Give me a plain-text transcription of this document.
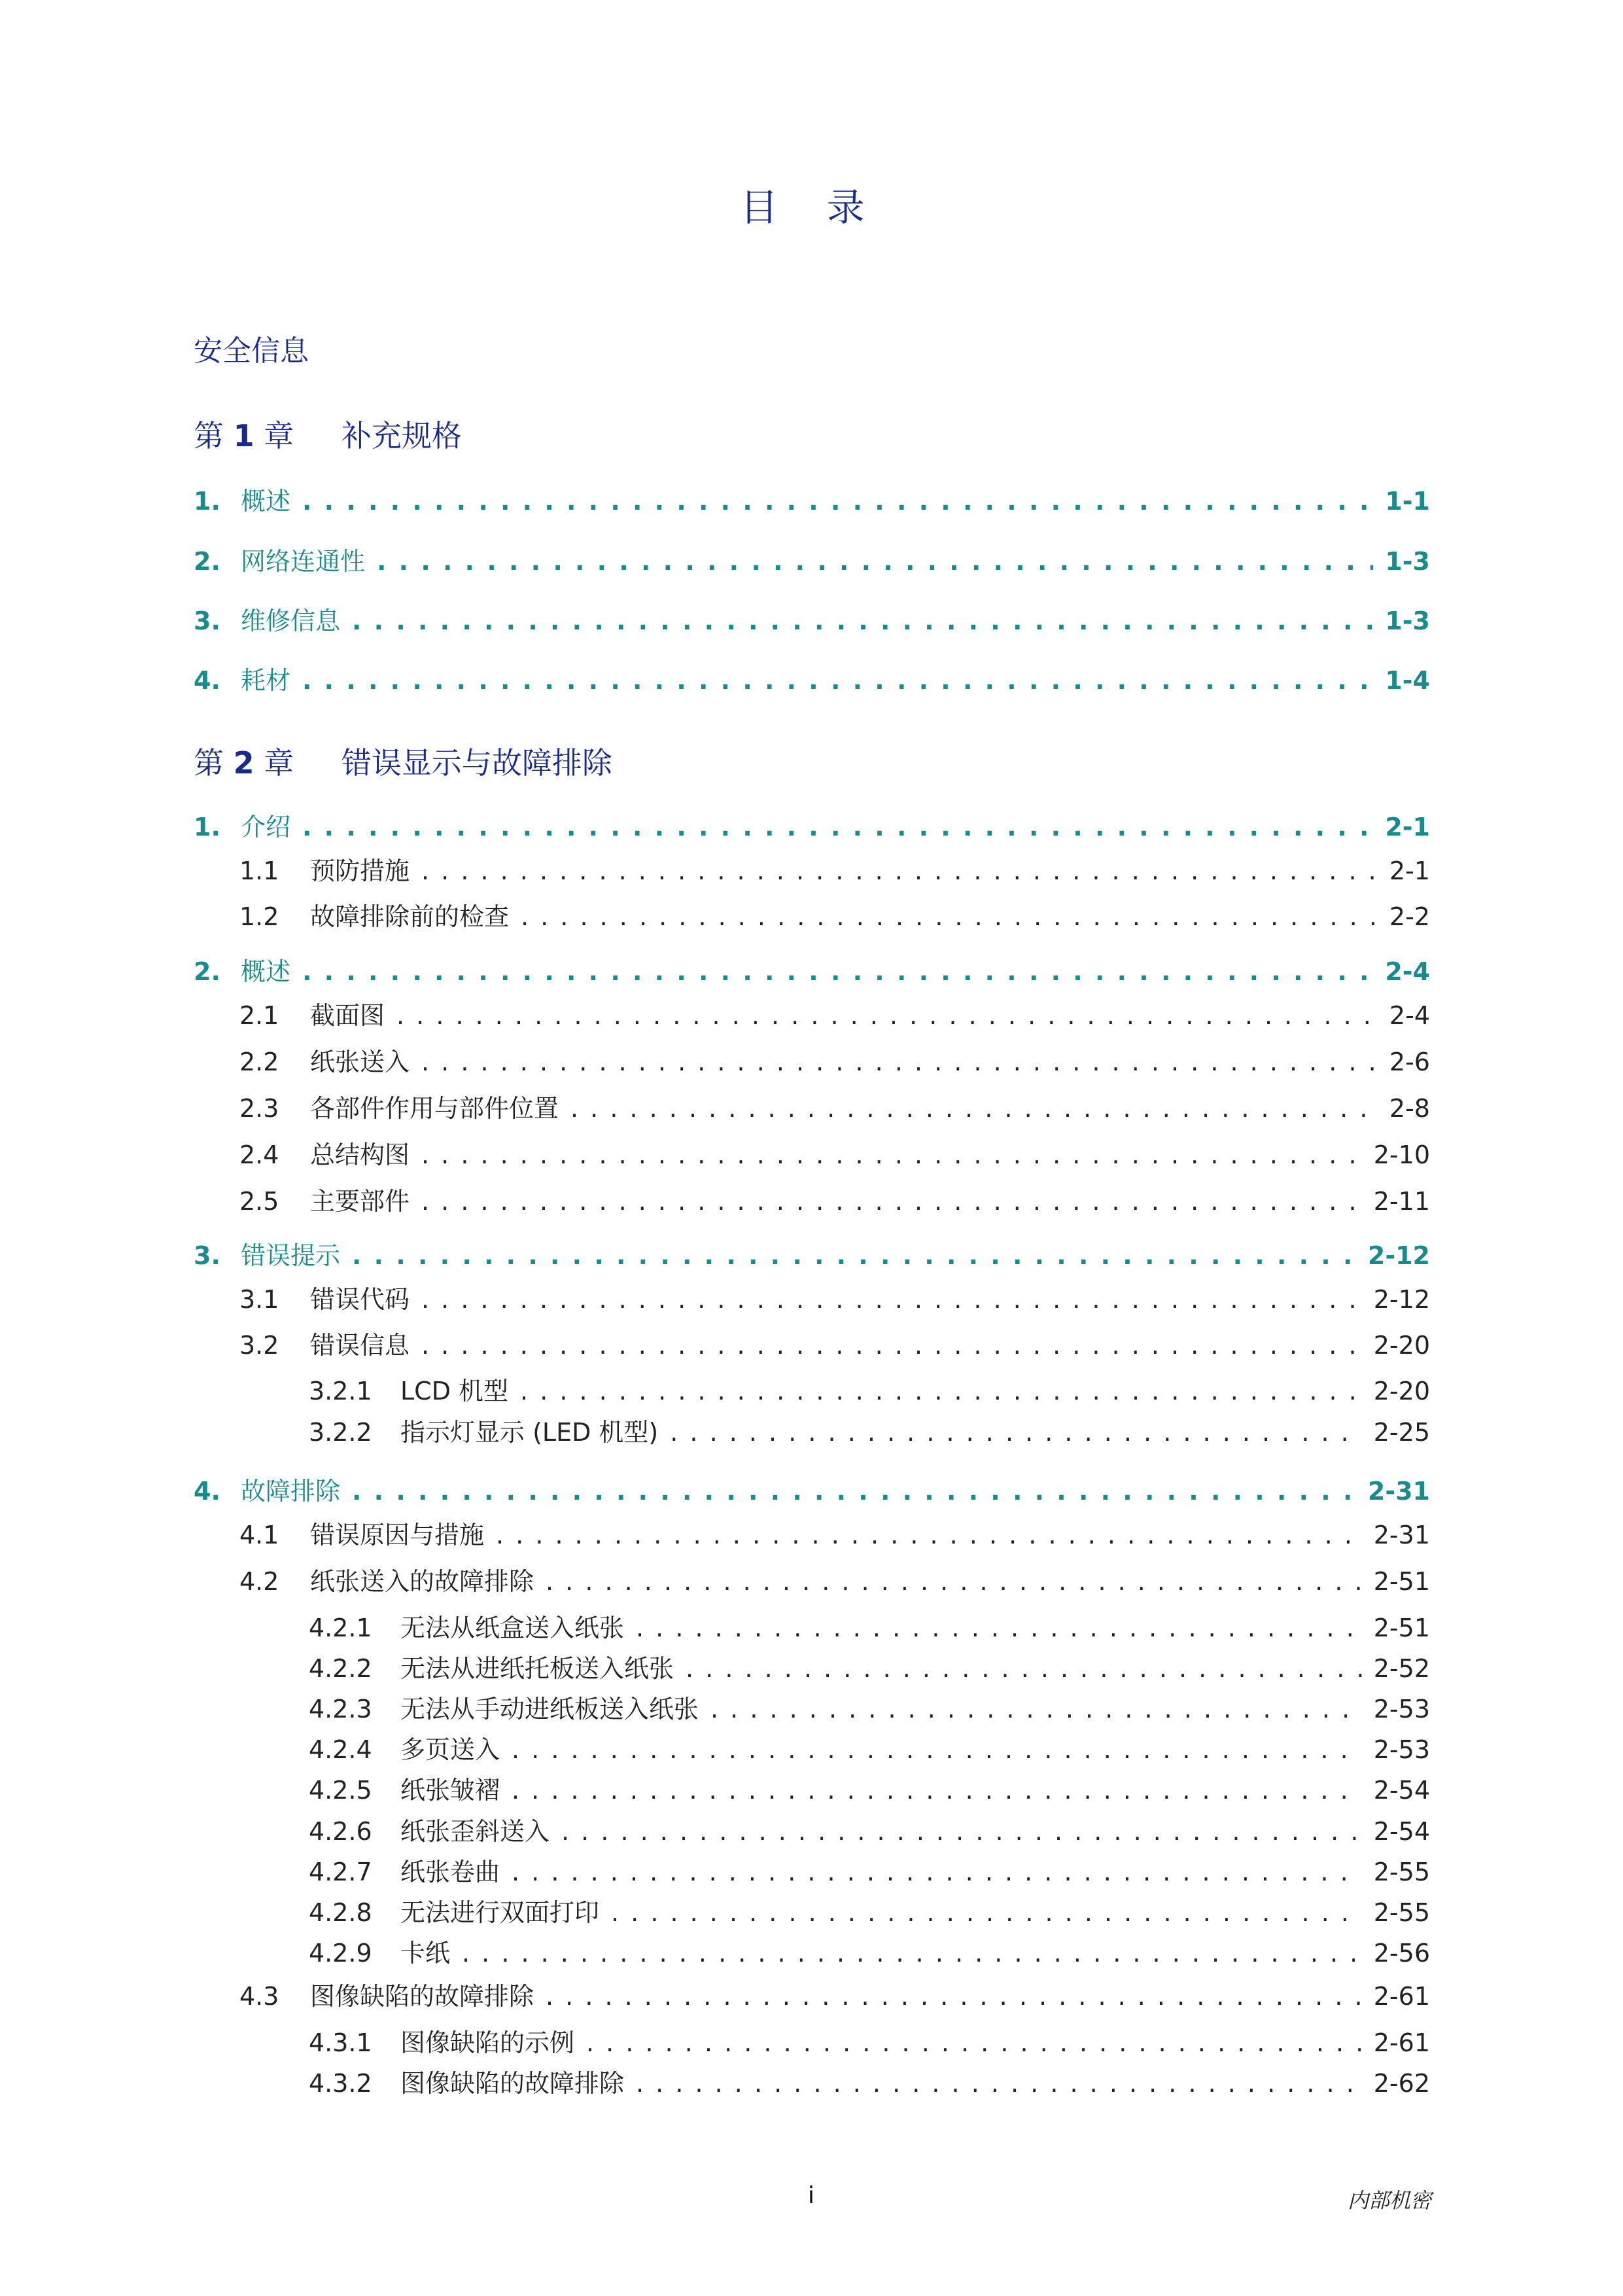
目 录
安全信息
第 1 章 补充规格
1. 概述 . . .	1-1
2. 网络连通性 . . .	1-3
3. 维修信息 . . .	1-3
4. 耗材 . . .	1-4
第 2 章 错误显示与故障排除
1. 介绍 . . .	2-1
1.1	预防措施 . . .	2-1
1.2	故障排除前的检查 . . .	2-2
2. 概述 . . .	2-4
2.1	截面图 . . .	2-4
2.2	纸张送入 . . .	2-6
2.3	各部件作用与部件位置 . . .	2-8
2.4	总结构图 . . .	2-10
2.5	主要部件 . . .	2-11
3. 错误提示 . . .	2-12
3.1	错误代码 . . .	2-12
3.2	错误信息 . . .	2-20
3.2.1	LCD 机型 . . .	2-20
3.2.2	指示灯显示 (LED 机型) . . .	2-25
4. 故障排除 . . .	2-31
4.1	错误原因与措施 . . .	2-31
4.2	纸张送入的故障排除 . . .	2-51
4.2.1	无法从纸盒送入纸张 . . .	2-51
4.2.2	无法从进纸托板送入纸张 . . .	2-52
4.2.3	无法从手动进纸板送入纸张 . . .	2-53
4.2.4	多页送入 . . .	2-53
4.2.5	纸张皱褶 . . .	2-54
4.2.6	纸张歪斜送入 . . .	2-54
4.2.7	纸张卷曲 . . .	2-55
4.2.8	无法进行双面打印 . . .	2-55
4.2.9	卡纸 . . .	2-56
4.3	图像缺陷的故障排除 . . .	2-61
4.3.1	图像缺陷的示例 . . .	2-61
4.3.2	图像缺陷的故障排除 . . .	2-62
i	内部机密
